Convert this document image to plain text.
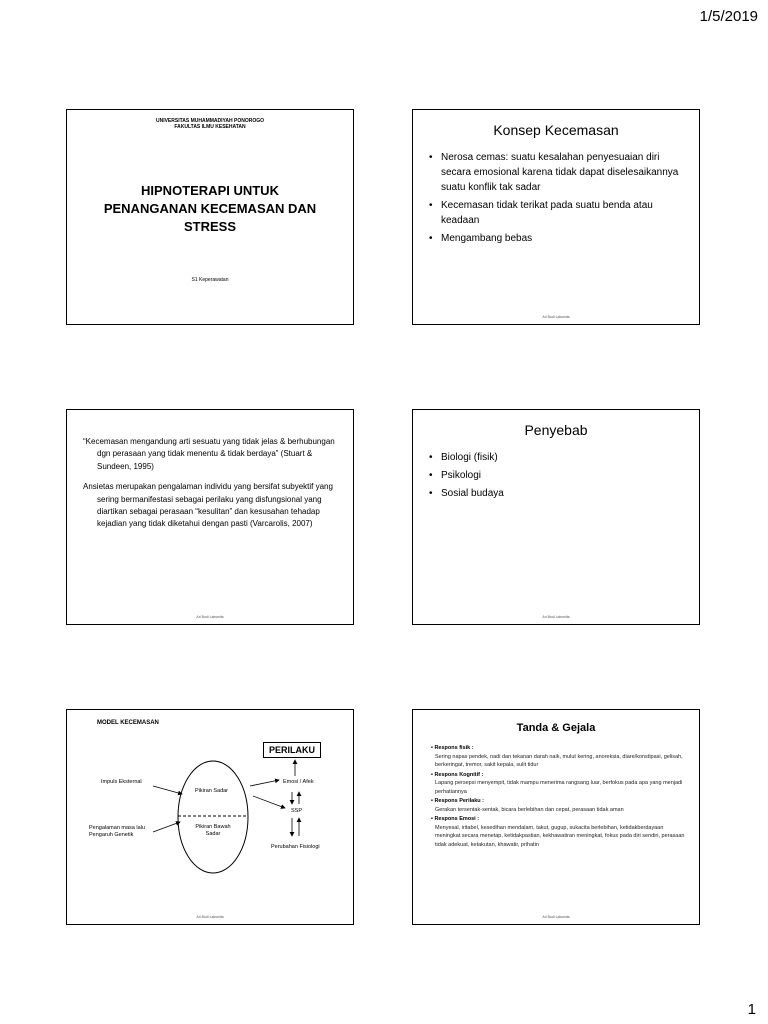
1/5/2019
UNIVERSITAS MUHAMMADIYAH PONOROGO
FAKULTAS ILMU KESEHATAN
HIPNOTERAPI UNTUK
PENANGANAN KECEMASAN DAN
STRESS
S1 Keperawatan
Konsep Kecemasan
• Nerosa cemas: suatu kesalahan penyesuaian diri secara emosional karena tidak dapat diselesaikannya suatu konflik tak sadar
• Kecemasan tidak terikat pada suatu benda atau keadaan
• Mengambang bebas
Ari Budi Laksmita

“Kecemasan mengandung arti sesuatu yang tidak jelas & berhubungan dgn perasaan yang tidak menentu & tidak berdaya” (Stuart & Sundeen, 1995)

Ansietas merupakan pengalaman individu yang bersifat subyektif yang sering bermanifestasi sebagai perilaku yang disfungsional yang diartikan sebagai perasaan “kesulitan” dan kesusahan tehadap kejadian yang tidak diketahui dengan pasti (Varcarolis, 2007)

Ari Budi Laksmita
Penyebab
• Biologi (fisik)
• Psikologi
• Sosial budaya
Ari Budi Laksmita
MODEL KECEMASAN
PERILAKU
Impuls Eksternal
Pengalaman masa lalu
Pengaruh Genetik
Pikiran Sadar
Pikiran Bawah
Sadar
Emosi / Afek
SSP
Perubahan Fisiologi
Ari Budi Laksmita
Tanda & Gejala
• Respons fisik :
Sering napas pendek, nadi dan tekanan darah naik, mulut kering, anoreksia, diare/konstipasi, gelisah, berkeringat, tremor, sakit kepala, sulit tidur
• Respons Kognitif :
Lapang persepsi menyempit, tidak mampu menerima rangsang luar, berfokus pada apa yang menjadi perhatiannya
• Respons Perilaku :
Gerakan tersentak-sentak, bicara berlebihan dan cepat, perasaan tidak aman
• Respons Emosi :
Menyesal, iritabel, kesedihan mendalam, takut, gugup, sukacita berlebihan, ketidakberdayaan meningkat secara menetap, ketidakpastian, kekhawatiran meningkat, fokus pada diri sendiri, perasaan tidak adekuat, ketakutan, khawatir, prihatin
Ari Budi Laksmita
1
